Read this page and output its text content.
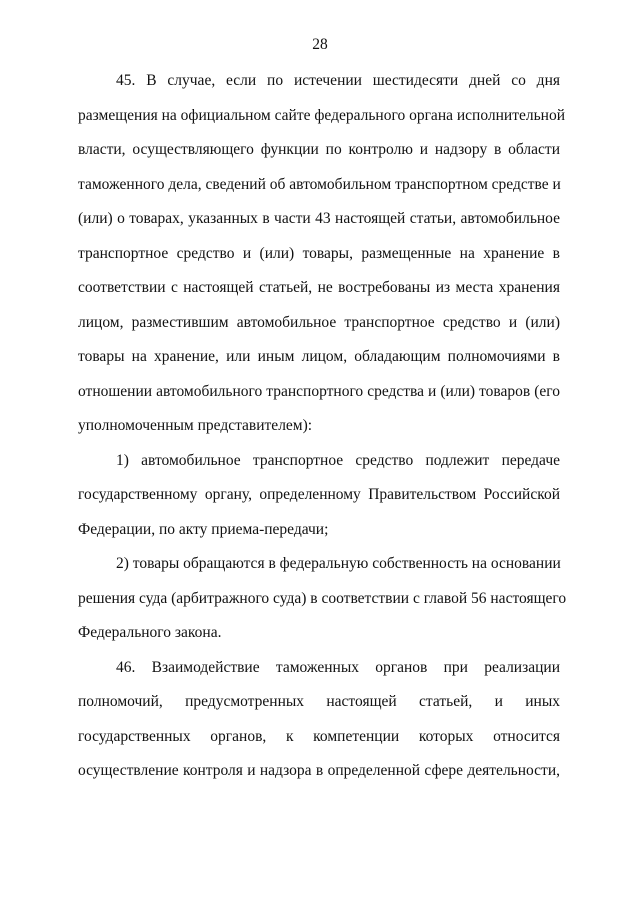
28
45. В случае, если по истечении шестидесяти дней со дня
размещения на официальном сайте федерального органа исполнительной
власти, осуществляющего функции по контролю и надзору в области
таможенного дела, сведений об автомобильном транспортном средстве и
(или) о товарах, указанных в части 43 настоящей статьи, автомобильное
транспортное средство и (или) товары, размещенные на хранение в
соответствии с настоящей статьей, не востребованы из места хранения
лицом, разместившим автомобильное транспортное средство и (или)
товары на хранение, или иным лицом, обладающим полномочиями в
отношении автомобильного транспортного средства и (или) товаров (его
уполномоченным представителем):
1) автомобильное транспортное средство подлежит передаче
государственному органу, определенному Правительством Российской
Федерации, по акту приема-передачи;
2) товары обращаются в федеральную собственность на основании
решения суда (арбитражного суда) в соответствии с главой 56 настоящего
Федерального закона.
46. Взаимодействие таможенных органов при реализации
полномочий, предусмотренных настоящей статьей, и иных
государственных органов, к компетенции которых относится
осуществление контроля и надзора в определенной сфере деятельности,
